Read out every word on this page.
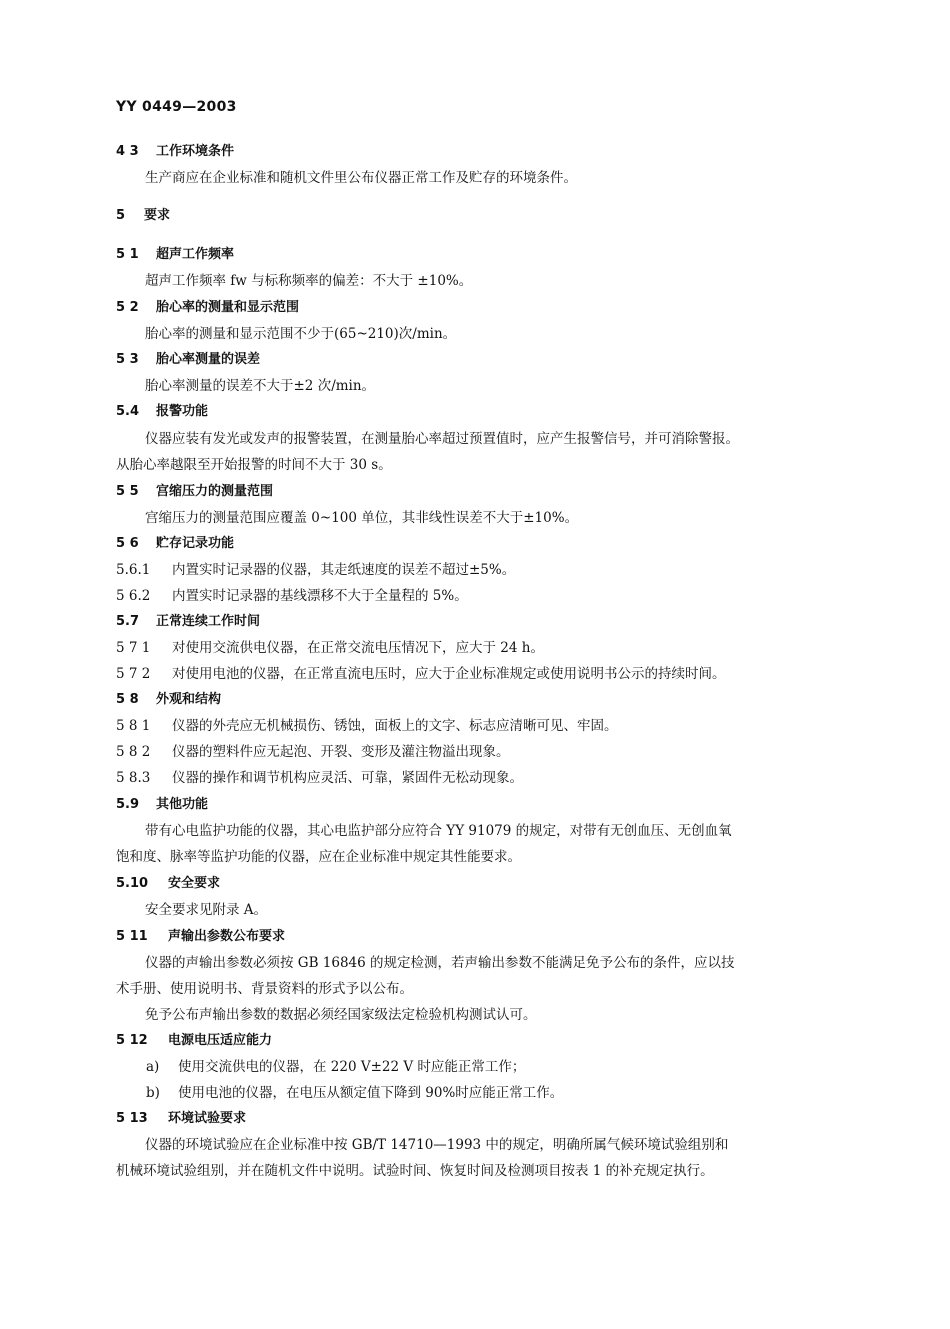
YY 0449—2003
4 3 工作环境条件
生产商应在企业标准和随机文件里公布仪器正常工作及贮存的环境条件。
5 要求
5 1 超声工作频率
超声工作频率 fw 与标称频率的偏差：不大于 ±10%。
5 2 胎心率的测量和显示范围
胎心率的测量和显示范围不少于(65~210)次/min。
5 3 胎心率测量的误差
胎心率测量的误差不大于±2 次/min。
5.4 报警功能
仪器应装有发光或发声的报警装置，在测量胎心率超过预置值时，应产生报警信号，并可消除警报。
从胎心率越限至开始报警的时间不大于 30 s。
5 5 宫缩压力的测量范围
宫缩压力的测量范围应覆盖 0~100 单位，其非线性误差不大于±10%。
5 6 贮存记录功能
5.6.1 内置实时记录器的仪器，其走纸速度的误差不超过±5%。
5 6.2 内置实时记录器的基线漂移不大于全量程的 5%。
5.7 正常连续工作时间
5 7 1 对使用交流供电仪器，在正常交流电压情况下，应大于 24 h。
5 7 2 对使用电池的仪器，在正常直流电压时，应大于企业标准规定或使用说明书公示的持续时间。
5 8 外观和结构
5 8 1 仪器的外壳应无机械损伤、锈蚀，面板上的文字、标志应清晰可见、牢固。
5 8 2 仪器的塑料件应无起泡、开裂、变形及灌注物溢出现象。
5 8.3 仪器的操作和调节机构应灵活、可靠，紧固件无松动现象。
5.9 其他功能
带有心电监护功能的仪器，其心电监护部分应符合 YY 91079 的规定，对带有无创血压、无创血氧
饱和度、脉率等监护功能的仪器，应在企业标准中规定其性能要求。
5.10 安全要求
安全要求见附录 A。
5 11 声输出参数公布要求
仪器的声输出参数必须按 GB 16846 的规定检测，若声输出参数不能满足免予公布的条件，应以技
术手册、使用说明书、背景资料的形式予以公布。
免予公布声输出参数的数据必须经国家级法定检验机构测试认可。
5 12 电源电压适应能力
a) 使用交流供电的仪器，在 220 V±22 V 时应能正常工作；
b) 使用电池的仪器，在电压从额定值下降到 90%时应能正常工作。
5 13 环境试验要求
仪器的环境试验应在企业标准中按 GB/T 14710—1993 中的规定，明确所属气候环境试验组别和
机械环境试验组别，并在随机文件中说明。试验时间、恢复时间及检测项目按表 1 的补充规定执行。
